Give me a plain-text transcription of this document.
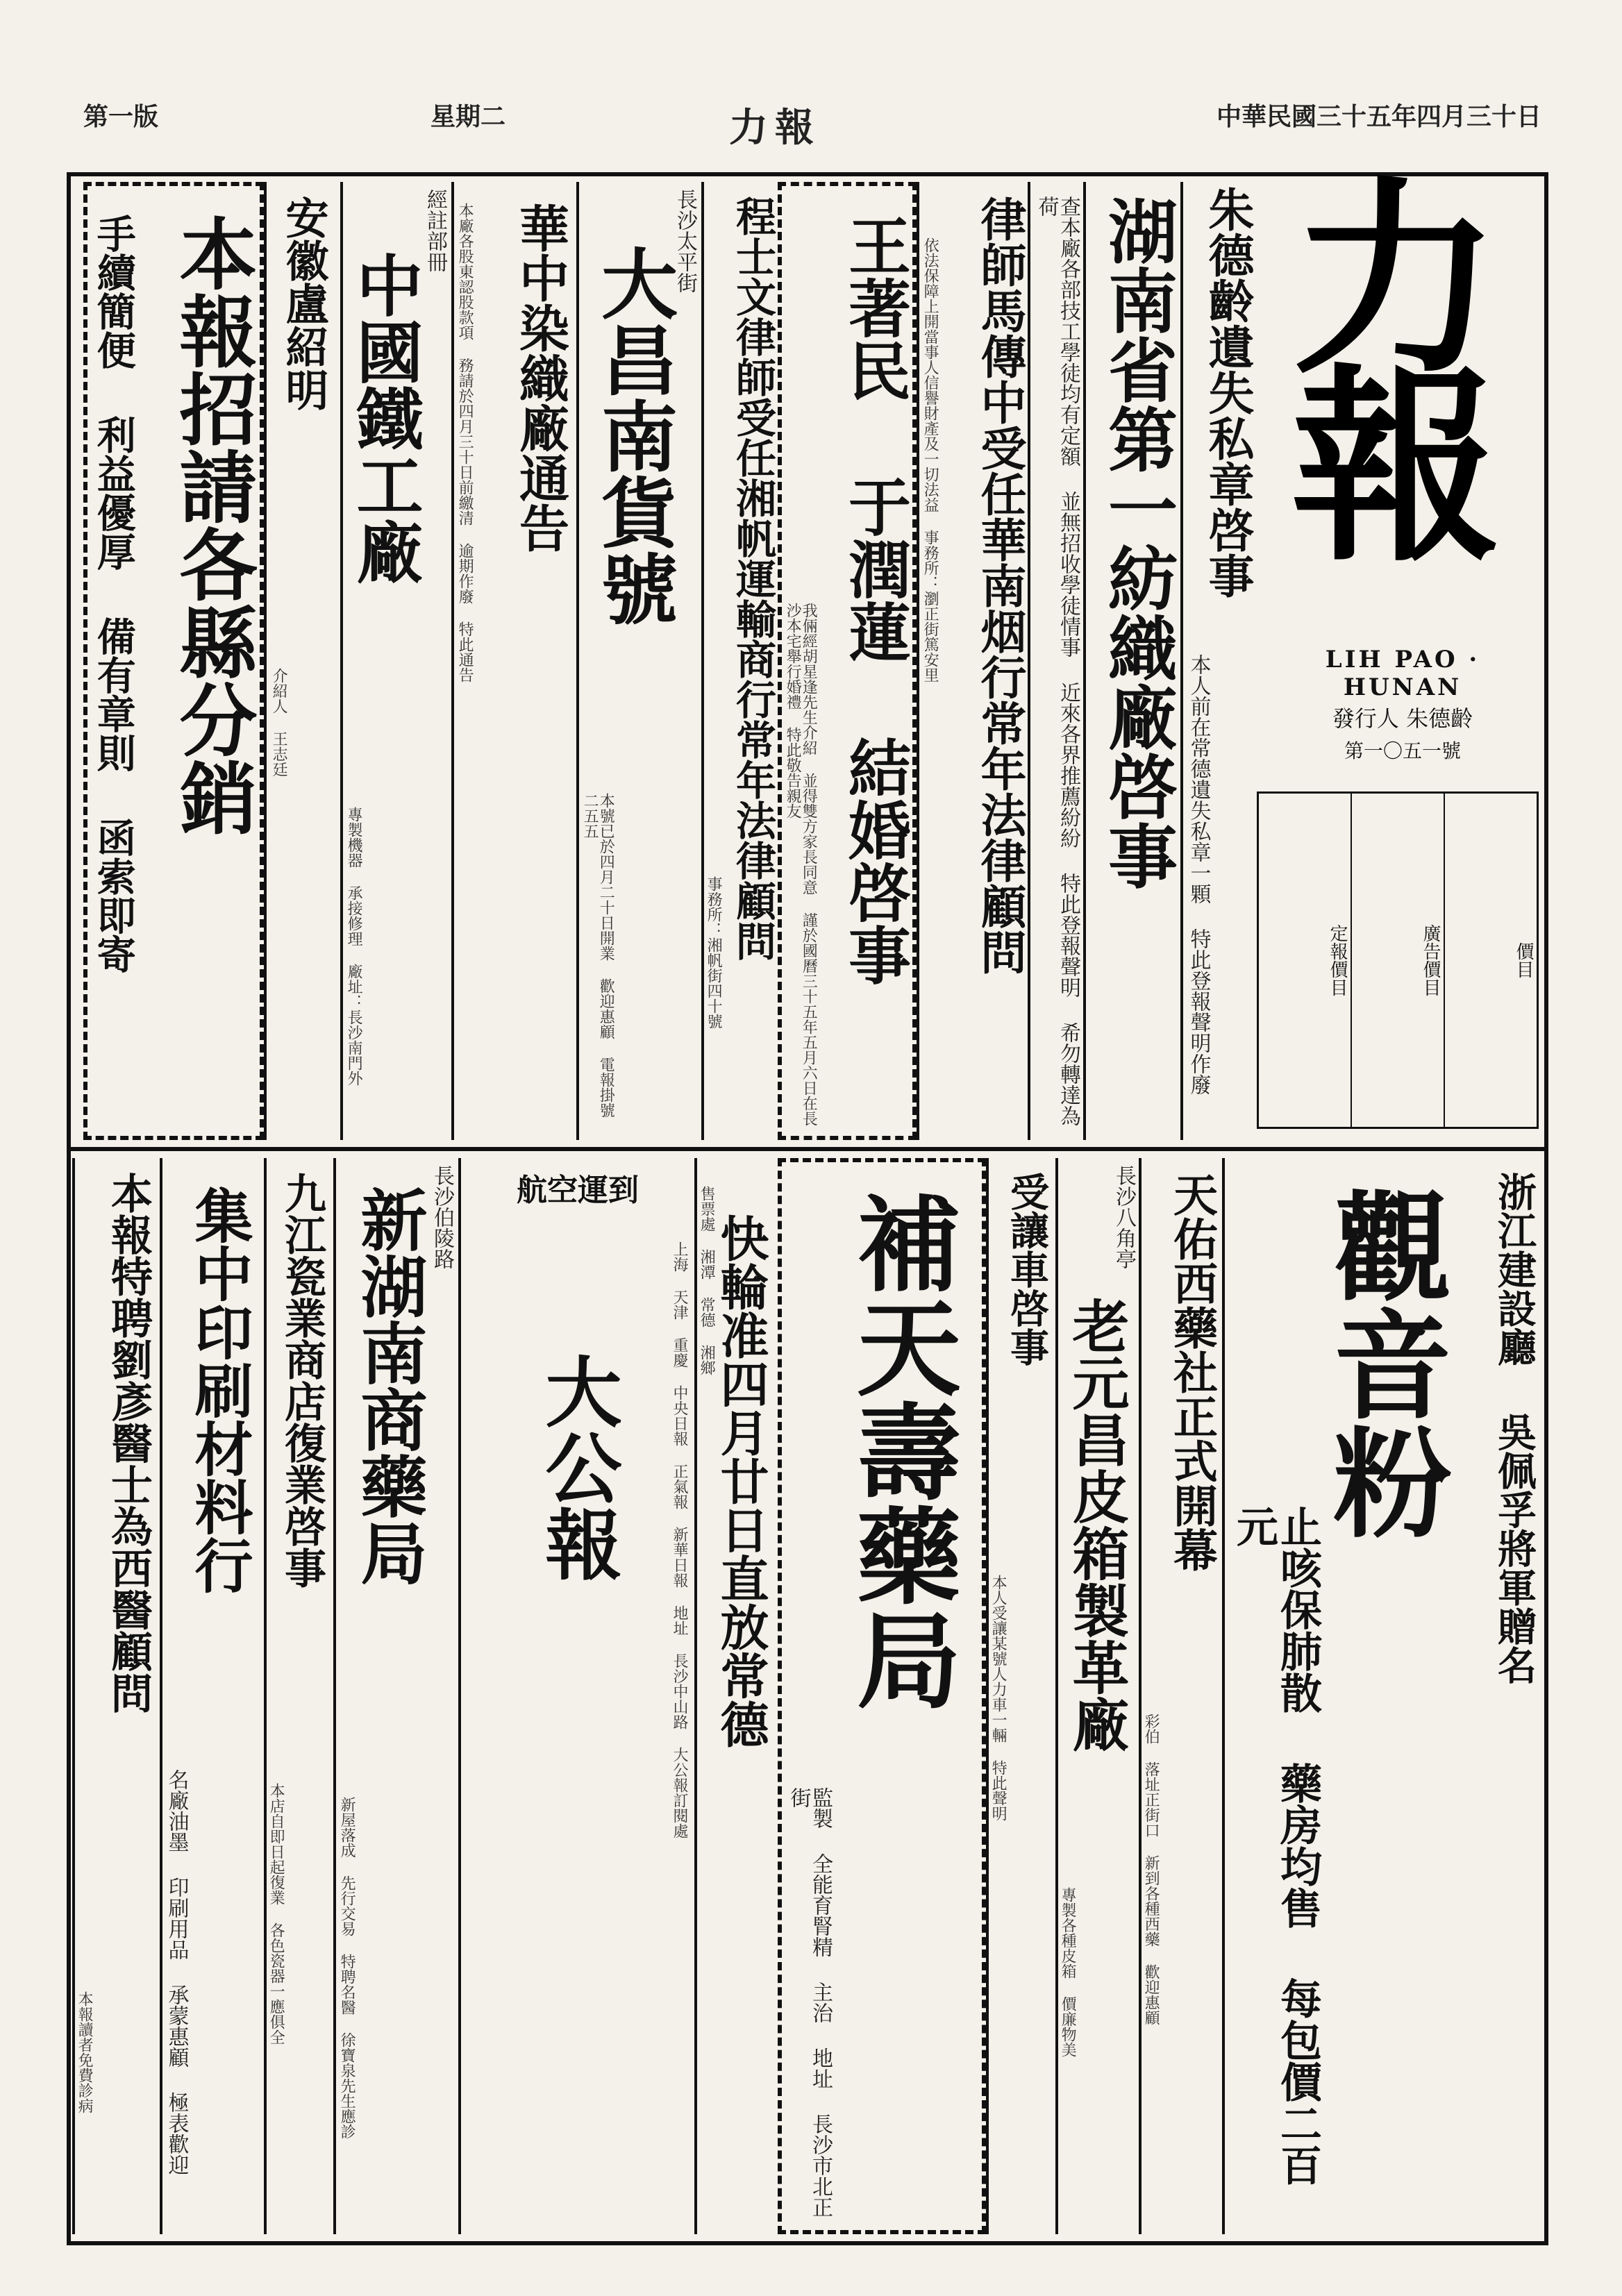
第一版	星期二	力報	中華民國三十五年四月三十日
力
報
LIH PAO · HUNAN
發行人 朱德齡
第一〇五一號
定報價目	廣告價目	價目
朱德齡遺失私章啓事
本人前在常德遺失私章一顆 特此登報聲明作廢
湖南省第一紡織廠啓事
查本廠各部技工學徒均有定額 並無招收學徒情事 近來各界推薦紛紛 特此登報聲明 希勿轉達為荷
律師馬傳中受任華南烟行常年法律顧問
依法保障上開當事人信譽財產及一切法益 事務所：瀏正街篤安里
王著民 于潤蓮 結婚啓事
我倆經胡星逢先生介紹 並得雙方家長同意 謹於國曆三十五年五月六日在長沙本宅舉行婚禮 特此敬告親友
程士文律師受任湘帆運輸商行常年法律顧問
事務所：湘帆街四十號
長沙太平街
大昌南貨號
本號已於四月二十日開業 歡迎惠顧 電報掛號二五五
華中染織廠通告
本廠各股東認股款項 務請於四月三十日前繳清 逾期作廢 特此通告
經註部冊
中國鐵工廠
專製機器 承接修理 廠址：長沙南門外
安徽盧紹明
介紹人 王志廷
本報招請各縣分銷
手續簡便 利益優厚 備有章則 函索即寄
浙江建設廳 吳佩孚將軍贈名
觀音粉
止咳保肺散 藥房均售 每包價二百元
天佑西藥社正式開幕
彩伯 落址正街口 新到各種西藥 歡迎惠顧
長沙八角亭
老元昌皮箱製革廠
專製各種皮箱 價廉物美
受讓車啓事
本人受讓某號人力車一輛 特此聲明
補天壽藥局
監製 全能育腎精 主治 地址 長沙市北正街
快輪准四月廿日直放常德
售票處 湘潭 常德 湘鄉
航空運到
大公報	上海 天津 重慶 中央日報 正氣報 新華日報 地址 長沙中山路 大公報訂閱處
長沙伯陵路
新湖南商藥局
新屋落成 先行交易 特聘名醫 徐寶泉先生應診
九江瓷業商店復業啓事
本店自即日起復業 各色瓷器一應俱全
集中印刷材料行
名廠油墨 印刷用品 承蒙惠顧 極表歡迎
本報特聘劉彥醫士為西醫顧問
本報讀者免費診病
